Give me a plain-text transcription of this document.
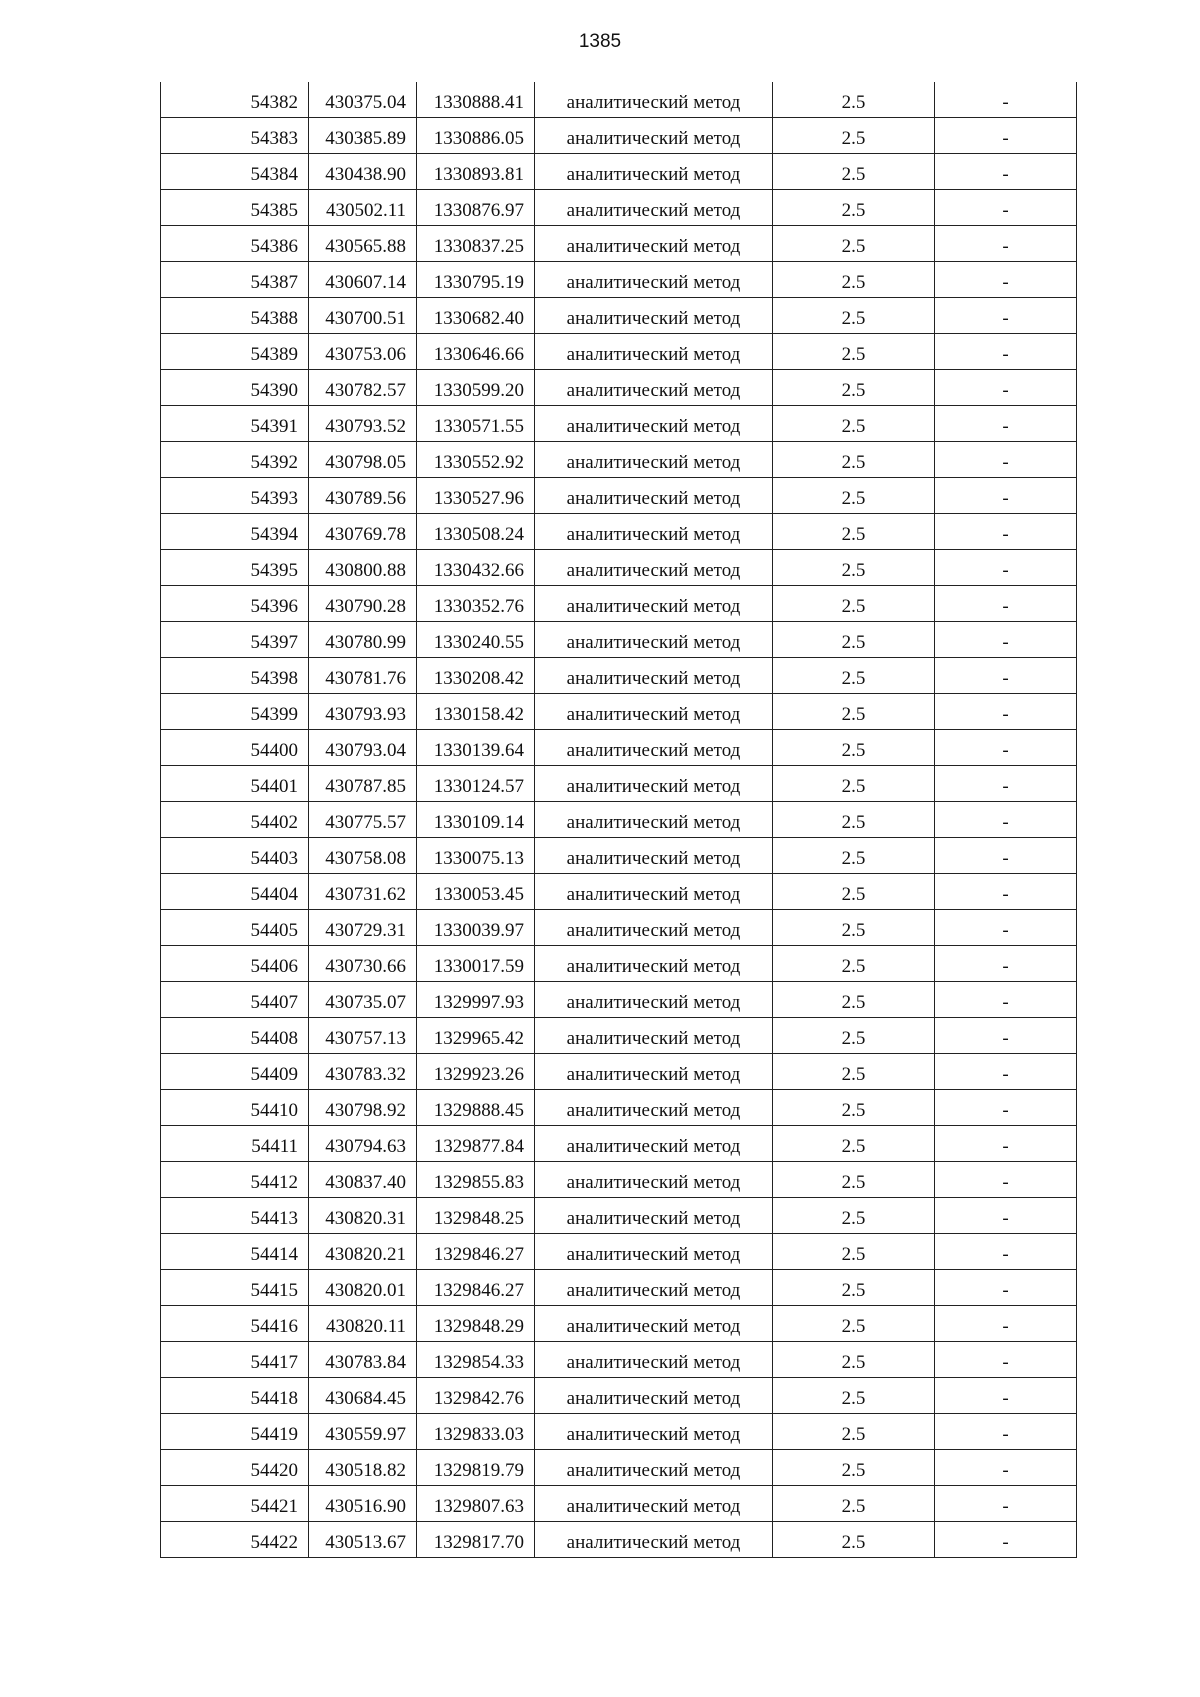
1385
54382	430375.04	1330888.41	аналитический метод	2.5	-
54383	430385.89	1330886.05	аналитический метод	2.5	-
54384	430438.90	1330893.81	аналитический метод	2.5	-
54385	430502.11	1330876.97	аналитический метод	2.5	-
54386	430565.88	1330837.25	аналитический метод	2.5	-
54387	430607.14	1330795.19	аналитический метод	2.5	-
54388	430700.51	1330682.40	аналитический метод	2.5	-
54389	430753.06	1330646.66	аналитический метод	2.5	-
54390	430782.57	1330599.20	аналитический метод	2.5	-
54391	430793.52	1330571.55	аналитический метод	2.5	-
54392	430798.05	1330552.92	аналитический метод	2.5	-
54393	430789.56	1330527.96	аналитический метод	2.5	-
54394	430769.78	1330508.24	аналитический метод	2.5	-
54395	430800.88	1330432.66	аналитический метод	2.5	-
54396	430790.28	1330352.76	аналитический метод	2.5	-
54397	430780.99	1330240.55	аналитический метод	2.5	-
54398	430781.76	1330208.42	аналитический метод	2.5	-
54399	430793.93	1330158.42	аналитический метод	2.5	-
54400	430793.04	1330139.64	аналитический метод	2.5	-
54401	430787.85	1330124.57	аналитический метод	2.5	-
54402	430775.57	1330109.14	аналитический метод	2.5	-
54403	430758.08	1330075.13	аналитический метод	2.5	-
54404	430731.62	1330053.45	аналитический метод	2.5	-
54405	430729.31	1330039.97	аналитический метод	2.5	-
54406	430730.66	1330017.59	аналитический метод	2.5	-
54407	430735.07	1329997.93	аналитический метод	2.5	-
54408	430757.13	1329965.42	аналитический метод	2.5	-
54409	430783.32	1329923.26	аналитический метод	2.5	-
54410	430798.92	1329888.45	аналитический метод	2.5	-
54411	430794.63	1329877.84	аналитический метод	2.5	-
54412	430837.40	1329855.83	аналитический метод	2.5	-
54413	430820.31	1329848.25	аналитический метод	2.5	-
54414	430820.21	1329846.27	аналитический метод	2.5	-
54415	430820.01	1329846.27	аналитический метод	2.5	-
54416	430820.11	1329848.29	аналитический метод	2.5	-
54417	430783.84	1329854.33	аналитический метод	2.5	-
54418	430684.45	1329842.76	аналитический метод	2.5	-
54419	430559.97	1329833.03	аналитический метод	2.5	-
54420	430518.82	1329819.79	аналитический метод	2.5	-
54421	430516.90	1329807.63	аналитический метод	2.5	-
54422	430513.67	1329817.70	аналитический метод	2.5	-
